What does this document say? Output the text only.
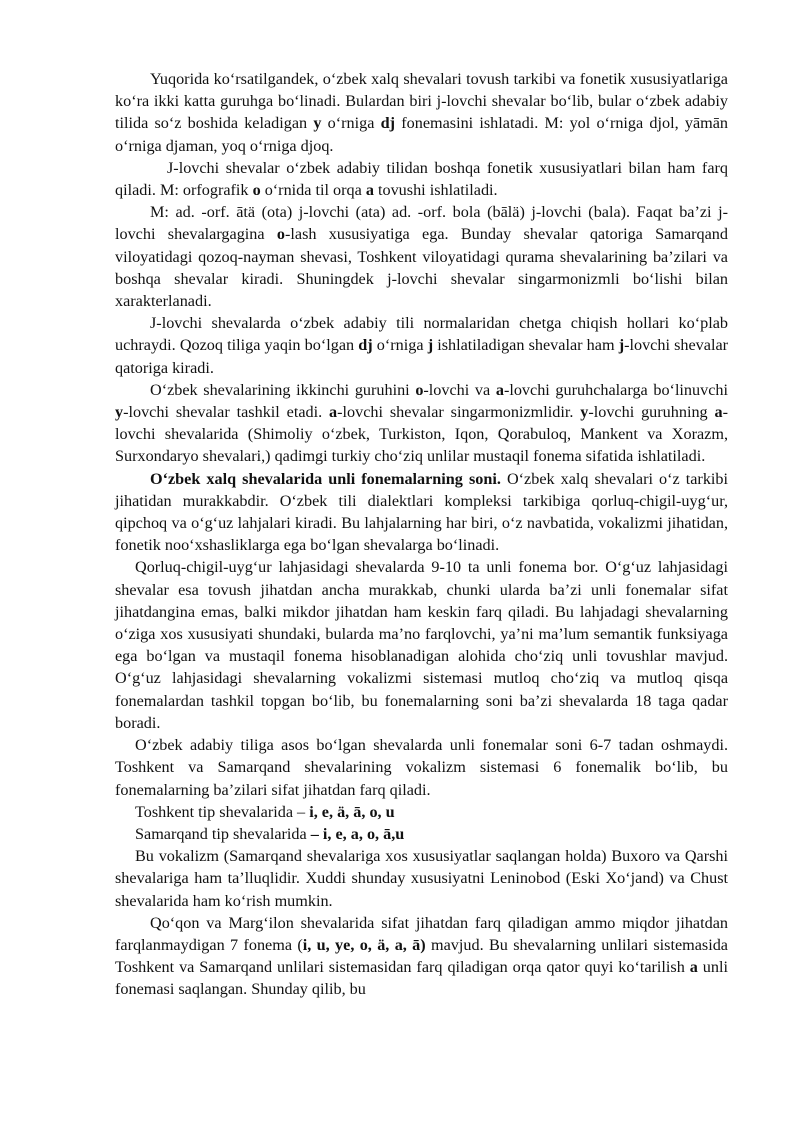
Yuqorida ko‘rsatilgandek, o‘zbek xalq shevalari tovush tarkibi va fonetik xususiyatlariga ko‘ra ikki katta guruhga bo‘linadi. Bulardan biri j-lovchi shevalar bo‘lib, bular o‘zbek adabiy tilida so‘z boshida keladigan y o‘rniga dj fonemasini ishlatadi. M: yol o‘rniga djol, yāmān o‘rniga djaman, yoq o‘rniga djoq.

J-lovchi shevalar o‘zbek adabiy tilidan boshqa fonetik xususiyatlari bilan ham farq qiladi. M: orfografik o o‘rnida til orqa a tovushi ishlatiladi.

M: ad. -orf. ātä (ota) j-lovchi (ata) ad. -orf. bola (bālä) j-lovchi (bala). Faqat ba’zi j-lovchi shevalargagina o-lash xususiyatiga ega. Bunday shevalar qatoriga Samarqand viloyatidagi qozoq-nayman shevasi, Toshkent viloyatidagi qurama shevalarining ba’zilari va boshqa shevalar kiradi. Shuningdek j-lovchi shevalar singarmonizmli bo‘lishi bilan xarakterlanadi.

J-lovchi shevalarda o‘zbek adabiy tili normalaridan chetga chiqish hollari ko‘plab uchraydi. Qozoq tiliga yaqin bo‘lgan dj o‘rniga j ishlatiladigan shevalar ham j-lovchi shevalar qatoriga kiradi.

O‘zbek shevalarining ikkinchi guruhini o-lovchi va a-lovchi guruhchalarga bo‘linuvchi y-lovchi shevalar tashkil etadi. a-lovchi shevalar singarmonizmlidir. y-lovchi guruhning a-lovchi shevalarida (Shimoliy o‘zbek, Turkiston, Iqon, Qorabuloq, Mankent va Xorazm, Surxondaryo shevalari,) qadimgi turkiy cho‘ziq unlilar mustaqil fonema sifatida ishlatiladi.

O‘zbek xalq shevalarida unli fonemalarning soni. O‘zbek xalq shevalari o‘z tarkibi jihatidan murakkabdir. O‘zbek tili dialektlari kompleksi tarkibiga qorluq-chigil-uyg‘ur, qipchoq va o‘g‘uz lahjalari kiradi. Bu lahjalarning har biri, o‘z navbatida, vokalizmi jihatidan, fonetik noo‘xshasliklarga ega bo‘lgan shevalarga bo‘linadi.

Qorluq-chigil-uyg‘ur lahjasidagi shevalarda 9-10 ta unli fonema bor. O‘g‘uz lahjasidagi shevalar esa tovush jihatdan ancha murakkab, chunki ularda ba’zi unli fonemalar sifat jihatdangina emas, balki mikdor jihatdan ham keskin farq qiladi. Bu lahjadagi shevalarning o‘ziga xos xususiyati shundaki, bularda ma’no farqlovchi, ya’ni ma’lum semantik funksiyaga ega bo‘lgan va mustaqil fonema hisoblanadigan alohida cho‘ziq unli tovushlar mavjud. O‘g‘uz lahjasidagi shevalarning vokalizmi sistemasi mutloq cho‘ziq va mutloq qisqa fonemalardan tashkil topgan bo‘lib, bu fonemalarning soni ba’zi shevalarda 18 taga qadar boradi.

O‘zbek adabiy tiliga asos bo‘lgan shevalarda unli fonemalar soni 6-7 tadan oshmaydi. Toshkent va Samarqand shevalarining vokalizm sistemasi 6 fonemalik bo‘lib, bu fonemalarning ba’zilari sifat jihatdan farq qiladi.

Toshkent tip shevalarida – i, e, ä, ā, o, u

Samarqand tip shevalarida – i, e, a, o, ā,u

Bu vokalizm (Samarqand shevalariga xos xususiyatlar saqlangan holda) Buxoro va Qarshi shevalariga ham ta’lluqlidir. Xuddi shunday xususiyatni Leninobod (Eski Xo‘jand) va Chust shevalarida ham ko‘rish mumkin.

Qo‘qon va Marg‘ilon shevalarida sifat jihatdan farq qiladigan ammo miqdor jihatdan farqlanmaydigan 7 fonema (i, u, ye, o, ä, a, ā) mavjud. Bu shevalarning unlilari sistemasida Toshkent va Samarqand unlilari sistemasidan farq qiladigan orqa qator quyi ko‘tarilish a unli fonemasi saqlangan. Shunday qilib, bu
